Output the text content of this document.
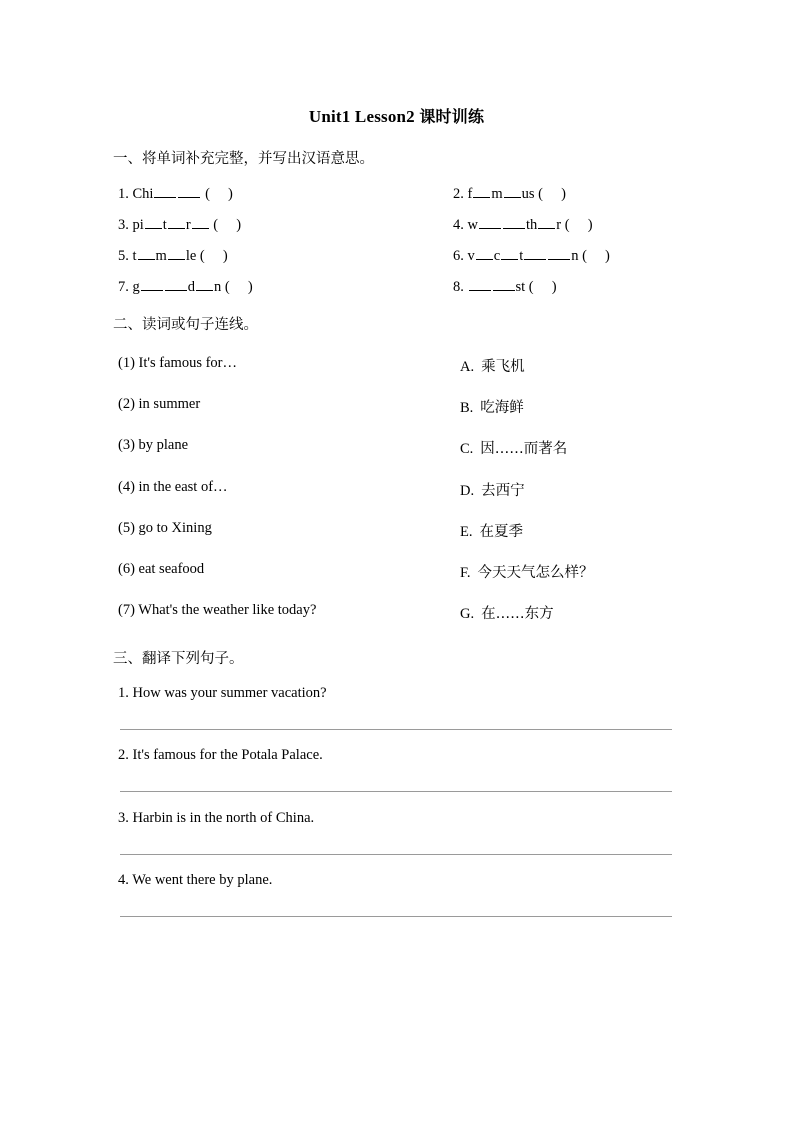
Unit1 Lesson2 课时训练
一、将单词补充完整，并写出汉语意思。
1. Chi	(     )	2. f m us (     )
3. pi t r (     )	4. w	th r (     )
5. t m le (     )	6. v c t	n (     )
7. g	d n (     )	8.	st (     )
二、读词或句子连线。
(1) It's famous for…	A. 乘飞机
(2) in summer	B. 吃海鲜
(3) by plane	C. 因……而著名
(4) in the east of…	D. 去西宁
(5) go to Xining	E. 在夏季
(6) eat seafood	F. 今天天气怎么样？
(7) What's the weather like today?	G. 在……东方
三、翻译下列句子。
1. How was your summer vacation?
2. It's famous for the Potala Palace.
3. Harbin is in the north of China.
4. We went there by plane.
